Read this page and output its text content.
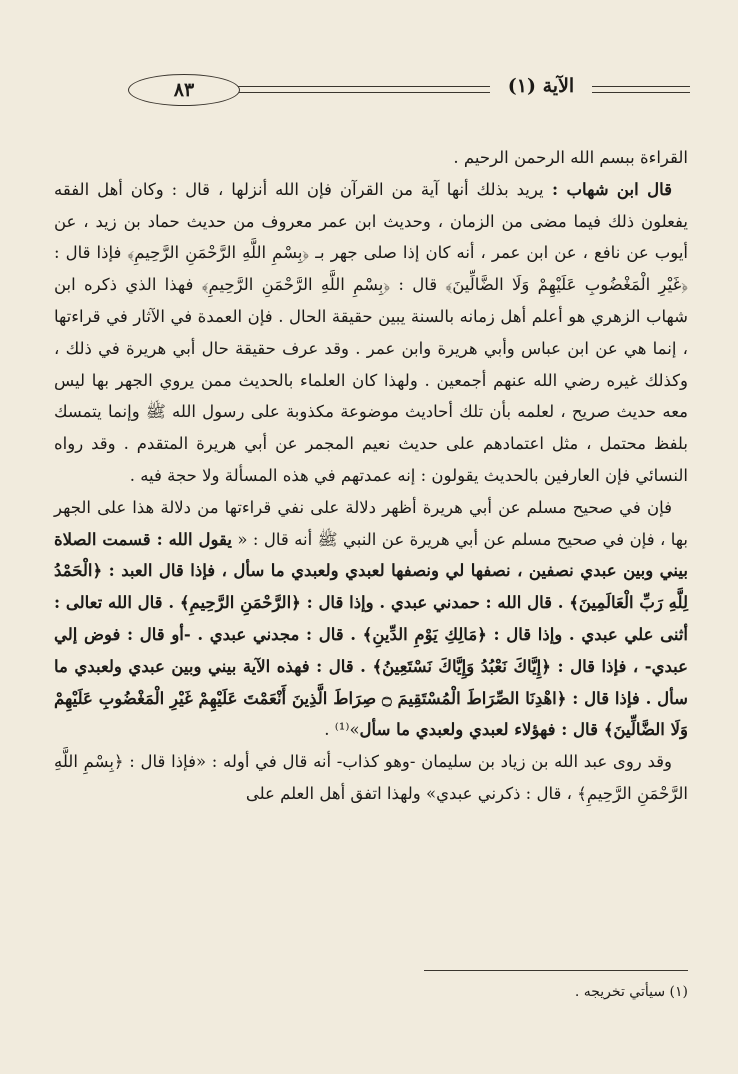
٨٣	الآية (١)

القراءة ببسم الله الرحمن الرحيم .

قال ابن شهاب : يريد بذلك أنها آية من القرآن فإن الله أنزلها ، قال : وكان أهل الفقه يفعلون ذلك فيما مضى من الزمان ، وحديث ابن عمر معروف من حديث حماد بن زيد ، عن أيوب عن نافع ، عن ابن عمر ، أنه كان إذا صلى جهر بـ ﴿بِسْمِ اللَّهِ الرَّحْمَنِ الرَّحِيمِ﴾ فإذا قال : ﴿غَيْرِ الْمَغْضُوبِ عَلَيْهِمْ وَلَا الضَّالِّينَ﴾ قال : ﴿بِسْمِ اللَّهِ الرَّحْمَنِ الرَّحِيمِ﴾ فهذا الذي ذكره ابن شهاب الزهري هو أعلم أهل زمانه بالسنة يبين حقيقة الحال . فإن العمدة في الآثار في قراءتها ، إنما هي عن ابن عباس وأبي هريرة وابن عمر . وقد عرف حقيقة حال أبي هريرة في ذلك ، وكذلك غيره رضي الله عنهم أجمعين . ولهذا كان العلماء بالحديث ممن يروي الجهر بها ليس معه حديث صريح ، لعلمه بأن تلك أحاديث موضوعة مكذوبة على رسول الله ﷺ وإنما يتمسك بلفظ محتمل ، مثل اعتمادهم على حديث نعيم المجمر عن أبي هريرة المتقدم . وقد رواه النسائي فإن العارفين بالحديث يقولون : إنه عمدتهم في هذه المسألة ولا حجة فيه .

فإن في صحيح مسلم عن أبي هريرة أظهر دلالة على نفي قراءتها من دلالة هذا على الجهر بها ، فإن في صحيح مسلم عن أبي هريرة عن النبي ﷺ أنه قال : « يقول الله : قسمت الصلاة بيني وبين عبدي نصفين ، نصفها لي ونصفها لعبدي ولعبدي ما سأل ، فإذا قال العبد : ﴿الْحَمْدُ لِلَّهِ رَبِّ الْعَالَمِينَ﴾ . قال الله : حمدني عبدي . وإذا قال : ﴿الرَّحْمَنِ الرَّحِيمِ﴾ . قال الله تعالى : أثنى علي عبدي . وإذا قال : ﴿مَالِكِ يَوْمِ الدِّينِ﴾ . قال : مجدني عبدي . -أو قال : فوض إلي عبدي- ، فإذا قال : ﴿إِيَّاكَ نَعْبُدُ وَإِيَّاكَ نَسْتَعِينُ﴾ . قال : فهذه الآية بيني وبين عبدي ولعبدي ما سأل . فإذا قال : ﴿اهْدِنَا الصِّرَاطَ الْمُسْتَقِيمَ ۝ صِرَاطَ الَّذِينَ أَنْعَمْتَ عَلَيْهِمْ غَيْرِ الْمَغْضُوبِ عَلَيْهِمْ وَلَا الضَّالِّينَ﴾ قال : فهؤلاء لعبدي ولعبدي ما سأل»⁽¹⁾ .

وقد روى عبد الله بن زياد بن سليمان -وهو كذاب- أنه قال في أوله : «فإذا قال : ﴿بِسْمِ اللَّهِ الرَّحْمَنِ الرَّحِيمِ﴾ ، قال : ذكرني عبدي» ولهذا اتفق أهل العلم على

(١) سيأتي تخريجه .
